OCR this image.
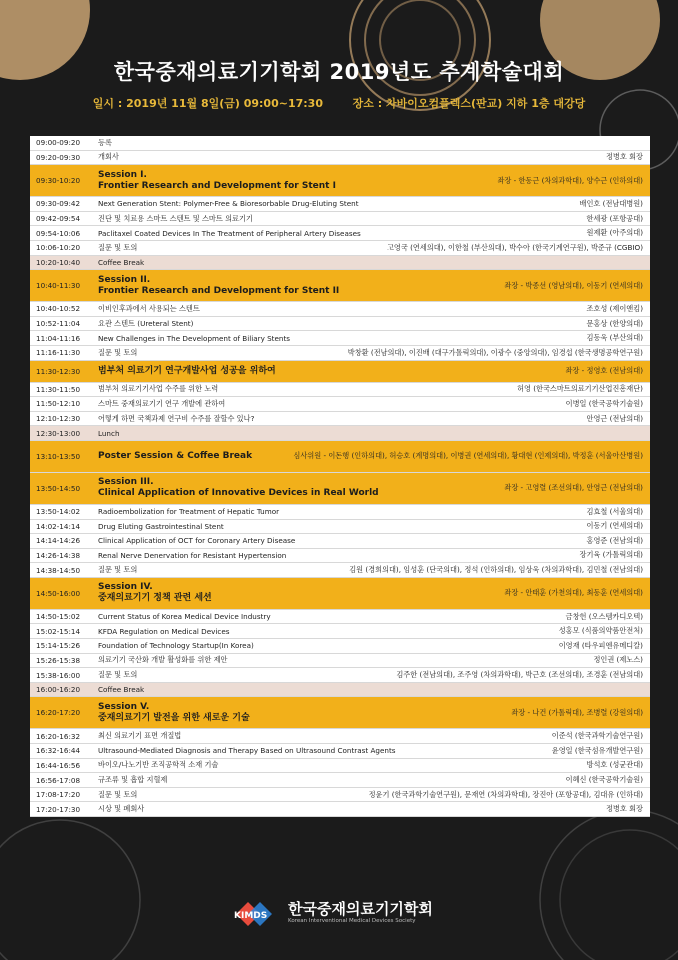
한국중재의료기기학회 2019년도 추계학술대회
일시 : 2019년 11월 8일(금) 09:00~17:30	장소 : 차바이오컴플렉스(판교) 지하 1층 대강당
09:00-09:20	등록
09:20-09:30	개회사	정병호 회장
09:30-10:20
Session I.
Frontier Research and Development for Stent I
좌장 - 한동근 (차의과학대), 양수근 (인하의대)
09:30-09:42	Next Generation Stent: Polymer-Free & Bioresorbable Drug-Eluting Stent	배인호 (전남대병원)
09:42-09:54	진단 및 치료용 스마트 스텐트 및 스마트 의료기기	한세광 (포항공대)
09:54-10:06	Paclitaxel Coated Devices In The Treatment of Peripheral Artery Diseases	원제환 (아주의대)
10:06-10:20	질문 및 토의	고영국 (연세의대), 이한철 (부산의대), 박수아 (한국기계연구원), 박준규 (CGBIO)
10:20-10:40	Coffee Break
10:40-11:30
Session II.
Frontier Research and Development for Stent II
좌장 - 박종선 (영남의대), 이동기 (연세의대)
10:40-10:52	이비인후과에서 사용되는 스텐트	조호성 (제이앤킴)
10:52-11:04	요관 스텐트 (Ureteral Stent)	문홍상 (한양의대)
11:04-11:16	New Challenges in The Development of Biliary Stents	김동욱 (부산의대)
11:16-11:30	질문 및 토의	박창환 (전남의대), 이진배 (대구가톨릭의대), 이광수 (중앙의대), 임경섭 (한국생명공학연구원)
11:30-12:30	범부처 의료기기 연구개발사업 성공을 위하여	좌장 - 정영호 (전남의대)
11:30-11:50	범부처 의료기기사업 수주를 위한 노력	허영 (한국스마트의료기기산업진흥재단)
11:50-12:10	스마트 중재의료기기 연구 개발에 관하여	이병일 (한국공학기술원)
12:10-12:30	어떻게 하면 국책과제 연구비 수주를 잘할수 있나?	안영근 (전남의대)
12:30-13:00	Lunch
13:10-13:50	Poster Session & Coffee Break	심사위원 - 이돈행 (인하의대), 허승호 (계명의대), 이병권 (연세의대), 황대현 (인제의대), 박정훈 (서울아산병원)
13:50-14:50
Session III.
Clinical Application of Innovative Devices in Real World
좌장 - 고영렬 (조선의대), 안영근 (전남의대)
13:50-14:02	Radioembolization for Treatment of Hepatic Tumor	김효철 (서울의대)
14:02-14:14	Drug Eluting Gastrointestinal Stent	이동기 (연세의대)
14:14-14:26	Clinical Application of OCT for Coronary Artery Disease	홍영준 (전남의대)
14:26-14:38	Renal Nerve Denervation for Resistant Hypertension	장기육 (가톨릭의대)
14:38-14:50	질문 및 토의	김원 (경희의대), 임성훈 (단국의대), 정석 (인하의대), 임상욱 (차의과학대), 김민철 (전남의대)
14:50-16:00
Session IV.
중재의료기기 정책 관련 세션
좌장 - 안태훈 (가천의대), 최동훈 (연세의대)
14:50-15:02	Current Status of Korea Medical Device Industry	금창헌 (오스템카디오텍)
15:02-15:14	KFDA Regulation on Medical Devices	성홍모 (식품의약품안전처)
15:14-15:26	Foundation of Technology Startup(In Korea)	이영재 (타우피엔유메디칼)
15:26-15:38	의료기기 국산화 개발 활성화를 위한 제안	정인권 (제노스)
15:38-16:00	질문 및 토의	김주한 (전남의대), 조주영 (차의과학대), 박근호 (조선의대), 조경훈 (전남의대)
16:00-16:20	Coffee Break
16:20-17:20
Session V.
중재의료기기 발전을 위한 새로운 기술
좌장 - 나건 (가톨릭대), 조병렬 (강원의대)
16:20-16:32	최신 의료기기 표면 개질법	이준석 (한국과학기술연구원)
16:32-16:44	Ultrasound-Mediated Diagnosis and Therapy Based on Ultrasound Contrast Agents	윤영일 (한국섬유개발연구원)
16:44-16:56	바이오/나노기반 조직공학적 소재 기술	방석호 (성균관대)
16:56-17:08	규조류 및 흡합 지혈제	이혜신 (한국공학기술원)
17:08-17:20	질문 및 토의	정윤기 (한국과학기술연구원), 문재연 (차의과학대), 장진아 (포항공대), 김대유 (인하대)
17:20-17:30	시상 및 폐회사	정병호 회장
KIMDS 한국중재의료기기학회
Korean Interventional Medical Devices Society
